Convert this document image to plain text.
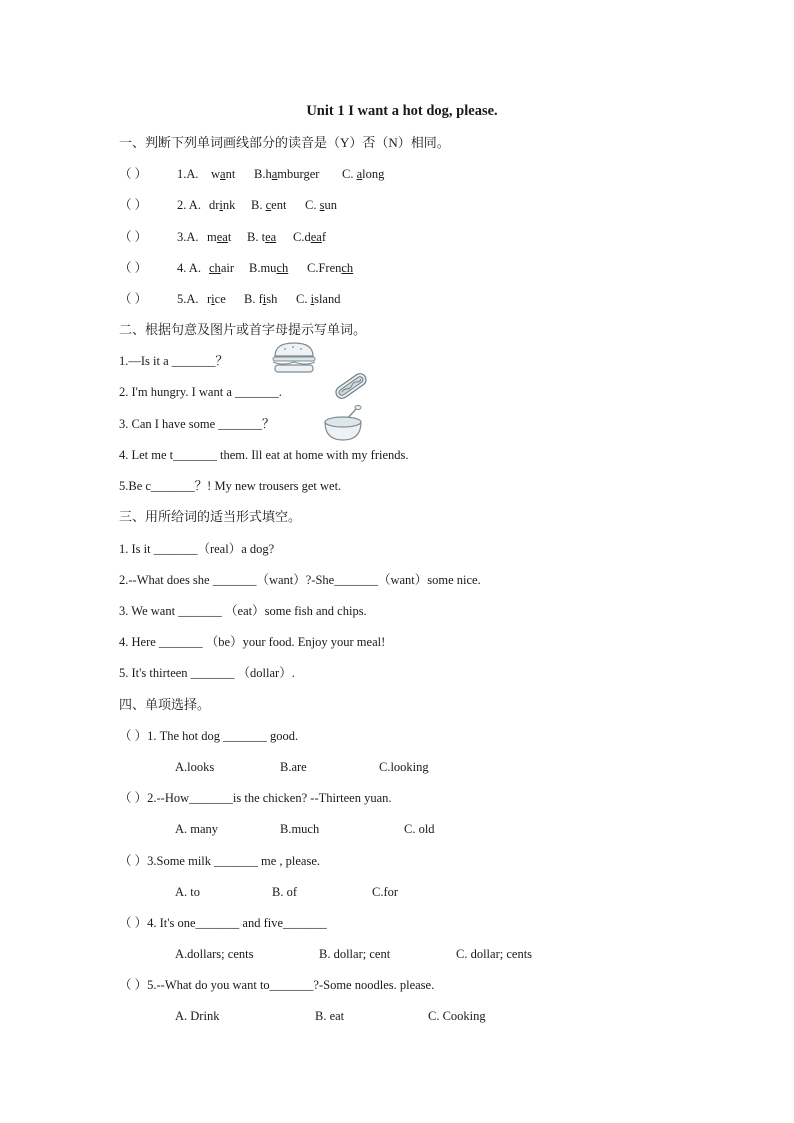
Unit 1 I want a hot dog, please.
一、判断下列单词画线部分的读音是（Y）否（N）相同。
（ ） 1.A.want B.hamburger C. along
（ ） 2. A.drink B. cent C. sun
（ ） 3.A.meat B. tea C.deaf
（ ） 4. A.chair B.much C.French
（ ） 5.A.rice B. fish C. island
二、根据句意及图片或首字母提示写单词。
1.—Is it a _______？
2. I'm hungry. I want a _______.
3. Can I have some _______？
4. Let me t_______ them. Ill eat at home with my friends.
5.Be c_______？! My new trousers get wet.
三、用所给词的适当形式填空。
1. Is it _______（real）a dog?
2.--What does she _______（want）?-She_______（want）some nice.
3. We want _______ （eat）some fish and chips.
4. Here _______ （be）your food. Enjoy your meal!
5. It's thirteen _______ （dollar）.
四、单项选择。
（ ）1. The hot dog _______ good.
A.looks	B.are	C.looking
（ ）2.--How_______is the chicken? --Thirteen yuan.
A. many	B.much	C. old
（ ）3.Some milk _______ me , please.
A. to	B. of	C.for
（ ）4. It's one_______ and five_______
A.dollars; cents	B. dollar; cent	C. dollar; cents
（ ）5.--What do you want to_______?-Some noodles. please.
A. Drink	B. eat	C. Cooking
